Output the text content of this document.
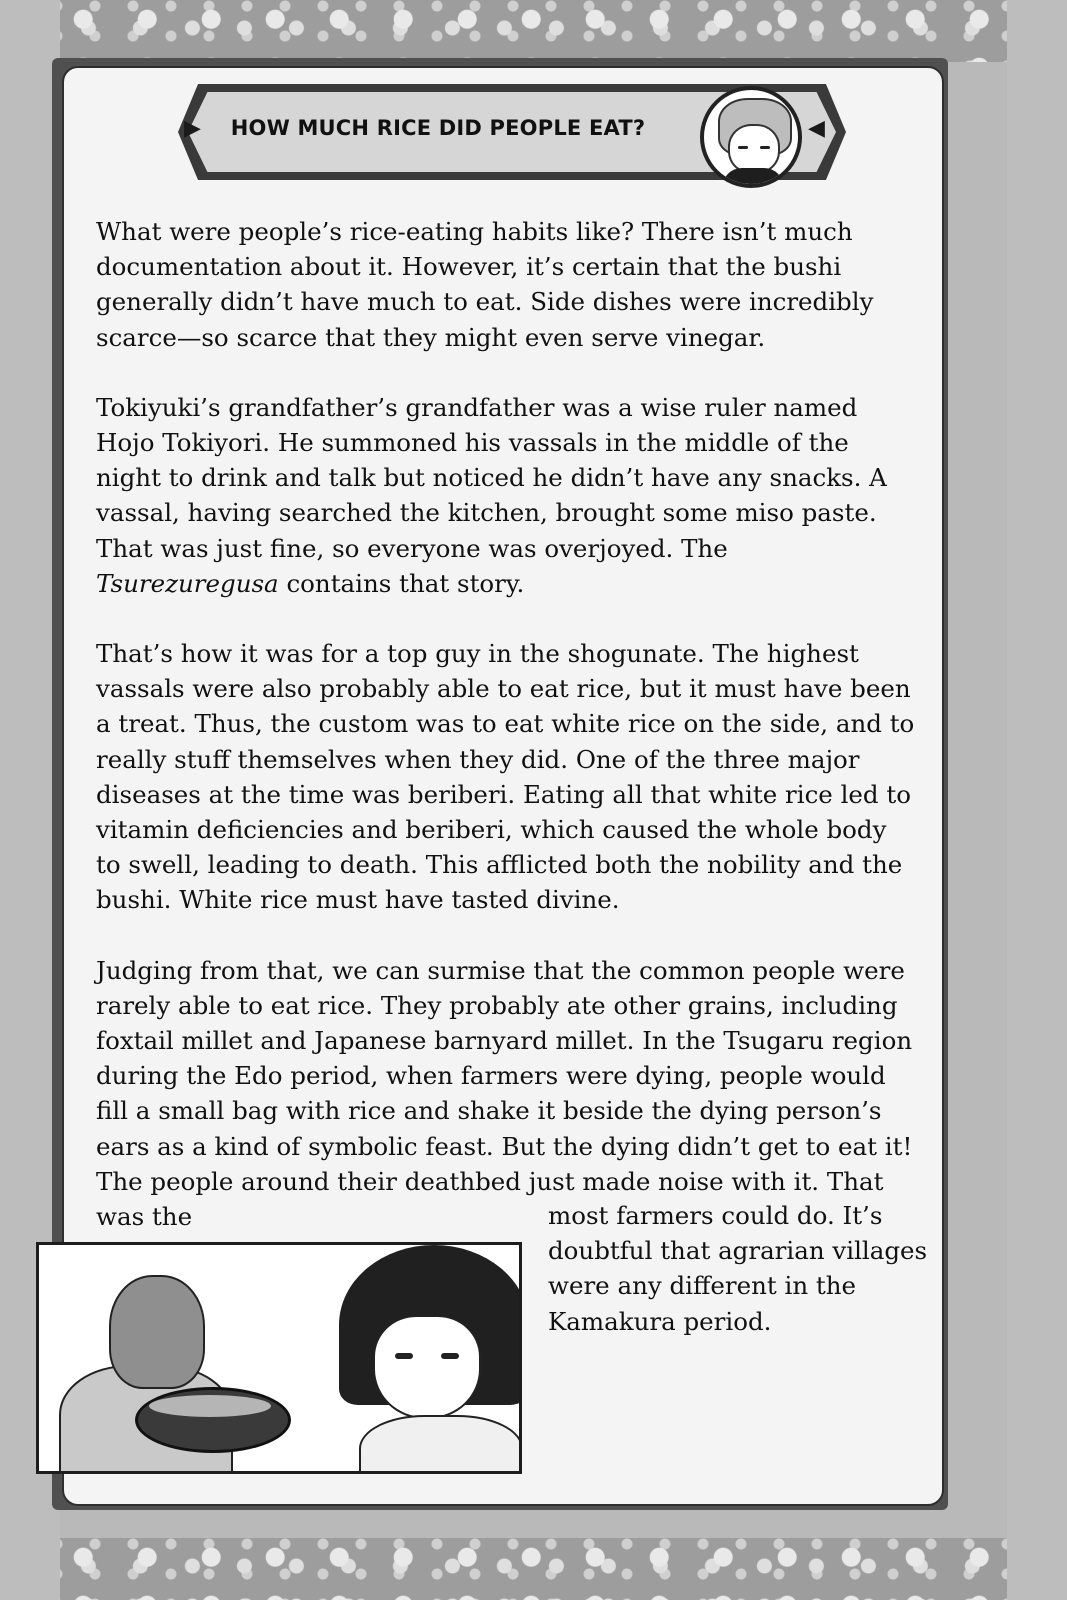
▶	◀
HOW MUCH RICE DID PEOPLE EAT?

What were people’s rice-eating habits like? There isn’t much documentation about it. However, it’s certain that the bushi generally didn’t have much to eat. Side dishes were incredibly scarce—so scarce that they might even serve vinegar.

Tokiyuki’s grandfather’s grandfather was a wise ruler named Hojo Tokiyori. He summoned his vassals in the middle of the night to drink and talk but noticed he didn’t have any snacks. A vassal, having searched the kitchen, brought some miso paste. That was just fine, so everyone was overjoyed. The Tsurezuregusa contains that story.

That’s how it was for a top guy in the shogunate. The highest vassals were also probably able to eat rice, but it must have been a treat. Thus, the custom was to eat white rice on the side, and to really stuff themselves when they did. One of the three major diseases at the time was beriberi. Eating all that white rice led to vitamin deficiencies and beriberi, which caused the whole body to swell, leading to death. This afflicted both the nobility and the bushi. White rice must have tasted divine.

Judging from that, we can surmise that the common people were rarely able to eat rice. They probably ate other grains, including foxtail millet and Japanese barnyard millet. In the Tsugaru region during the Edo period, when farmers were dying, people would fill a small bag with rice and shake it beside the dying person’s ears as a kind of symbolic feast. But the dying didn’t get to eat it! The people around their deathbed just made noise with it. That was the	most farmers could do. It’s doubtful that agrarian villages were any different in the Kamakura period.
